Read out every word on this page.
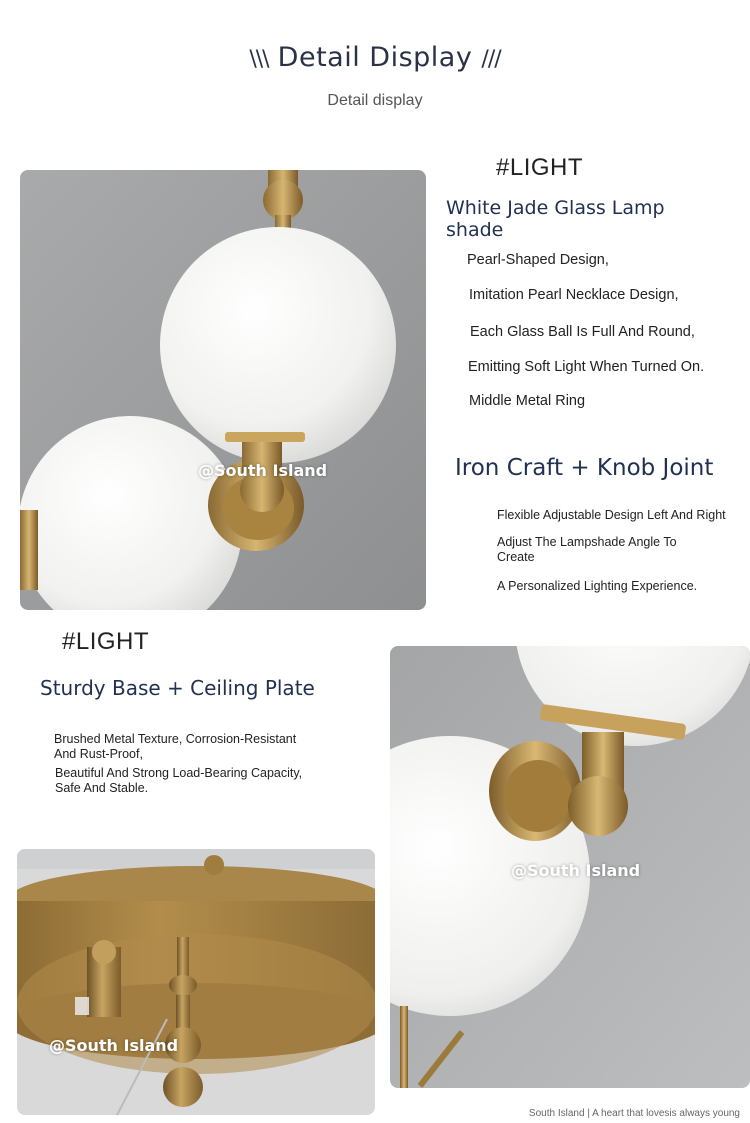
\\\ Detail Display ///
Detail display
@South Island
#LIGHT
White Jade Glass Lamp shade
Pearl-Shaped Design,
Imitation Pearl Necklace Design,
Each Glass Ball Is Full And Round,
Emitting Soft Light When Turned On.
Middle Metal Ring
Iron Craft + Knob Joint
Flexible Adjustable Design Left And Right
Adjust The Lampshade Angle To Create
A Personalized Lighting Experience.
#LIGHT
Sturdy Base + Ceiling Plate
Brushed Metal Texture, Corrosion-Resistant And Rust-Proof,
Beautiful And Strong Load-Bearing Capacity, Safe And Stable.
@South Island
@South Island
South Island | A heart that lovesis always young
